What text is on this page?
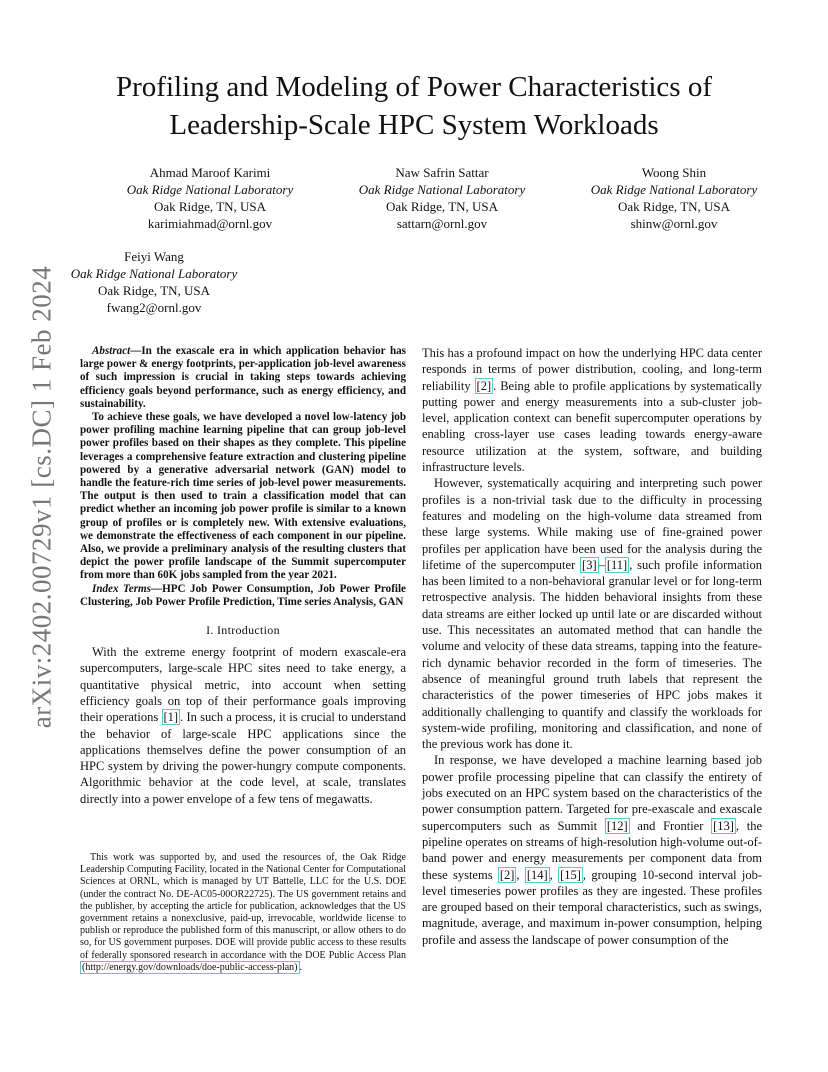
arXiv:2402.00729v1 [cs.DC] 1 Feb 2024
Profiling and Modeling of Power Characteristics of
Leadership-Scale HPC System Workloads
Ahmad Maroof Karimi
Oak Ridge National Laboratory
Oak Ridge, TN, USA
karimiahmad@ornl.gov
Naw Safrin Sattar
Oak Ridge National Laboratory
Oak Ridge, TN, USA
sattarn@ornl.gov
Woong Shin
Oak Ridge National Laboratory
Oak Ridge, TN, USA
shinw@ornl.gov
Feiyi Wang
Oak Ridge National Laboratory
Oak Ridge, TN, USA
fwang2@ornl.gov

Abstract—In the exascale era in which application behavior has large power & energy footprints, per-application job-level awareness of such impression is crucial in taking steps towards achieving efficiency goals beyond performance, such as energy efficiency, and sustainability.

To achieve these goals, we have developed a novel low-latency job power profiling machine learning pipeline that can group job-level power profiles based on their shapes as they complete. This pipeline leverages a comprehensive feature extraction and clustering pipeline powered by a generative adversarial network (GAN) model to handle the feature-rich time series of job-level power measurements. The output is then used to train a classification model that can predict whether an incoming job power profile is similar to a known group of profiles or is completely new. With extensive evaluations, we demonstrate the effectiveness of each component in our pipeline. Also, we provide a preliminary analysis of the resulting clusters that depict the power profile landscape of the Summit supercomputer from more than 60K jobs sampled from the year 2021.

Index Terms—HPC Job Power Consumption, Job Power Profile Clustering, Job Power Profile Prediction, Time series Analysis, GAN

I. Introduction

With the extreme energy footprint of modern exascale-era supercomputers, large-scale HPC sites need to take energy, a quantitative physical metric, into account when setting efficiency goals on top of their performance goals improving their operations [1] . In such a process, it is crucial to understand the behavior of large-scale HPC applications since the applications themselves define the power consumption of an HPC system by driving the power-hungry compute components. Algorithmic behavior at the code level, at scale, translates directly into a power envelope of a few tens of megawatts.

This work was supported by, and used the resources of, the Oak Ridge Leadership Computing Facility, located in the National Center for Computational Sciences at ORNL, which is managed by UT Battelle, LLC for the U.S. DOE (under the contract No. DE-AC05-00OR22725). The US government retains and the publisher, by accepting the article for publication, acknowledges that the US government retains a nonexclusive, paid-up, irrevocable, worldwide license to publish or reproduce the published form of this manuscript, or allow others to do so, for US government purposes. DOE will provide public access to these results of federally sponsored research in accordance with the DOE Public Access Plan (http://energy.gov/downloads/doe-public-access-plan) .

This has a profound impact on how the underlying HPC data center responds in terms of power distribution, cooling, and long-term reliability [2] . Being able to profile applications by systematically putting power and energy measurements into a sub-cluster job-level, application context can benefit supercomputer operations by enabling cross-layer use cases leading towards energy-aware resource utilization at the system, software, and building infrastructure levels.

However, systematically acquiring and interpreting such power profiles is a non-trivial task due to the difficulty in processing features and modeling on the high-volume data streamed from these large systems. While making use of fine-grained power profiles per application have been used for the analysis during the lifetime of the supercomputer [3] – [11] , such profile information has been limited to a non-behavioral granular level or for long-term retrospective analysis. The hidden behavioral insights from these data streams are either locked up until late or are discarded without use. This necessitates an automated method that can handle the volume and velocity of these data streams, tapping into the feature-rich dynamic behavior recorded in the form of timeseries. The absence of meaningful ground truth labels that represent the characteristics of the power timeseries of HPC jobs makes it additionally challenging to quantify and classify the workloads for system-wide profiling, monitoring and classification, and none of the previous work has done it.

In response, we have developed a machine learning based job power profile processing pipeline that can classify the entirety of jobs executed on an HPC system based on the characteristics of the power consumption pattern. Targeted for pre-exascale and exascale supercomputers such as Summit [12] and Frontier [13] , the pipeline operates on streams of high-resolution high-volume out-of-band power and energy measurements per component data from these systems [2] , [14] , [15] , grouping 10-second interval job-level timeseries power profiles as they are ingested. These profiles are grouped based on their temporal characteristics, such as swings, magnitude, average, and maximum in-power consumption, helping profile and assess the landscape of power consumption of the
